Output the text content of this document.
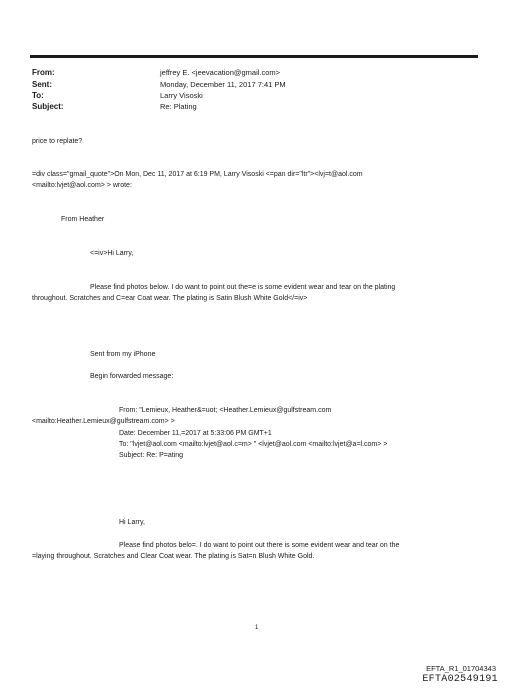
From:	jeffrey E. <jeevacation@gmail.com>
Sent:	Monday, December 11, 2017 7:41 PM
To:	Larry Visoski
Subject:	Re: Plating
price to replate?
=div class="gmail_quote">On Mon, Dec 11, 2017 at 6:19 PM, Larry Visoski <=pan dir="ltr"><lvj=t@aol.com
<mailto:lvjet@aol.com> > wrote:
From Heather
<=iv>Hi Larry,
Please find photos below. I do want to point out the=e is some evident wear and tear on the plating
throughout. Scratches and C=ear Coat wear. The plating is Satin Blush White Gold</=iv>
Sent from my iPhone
Begin forwarded message:
From: "Lemieux, Heather&=uot; <Heather.Lemieux@gulfstream.com
<mailto:Heather.Lemieux@gulfstream.com> >
Date: December 11,=2017 at 5:33:06 PM GMT+1
To: "lvjet@aol.com <mailto:lvjet@aol.c=m> " <lvjet@aol.com <mailto:lvjet@a=l.com> >
Subject: Re: P=ating
Hi Larry,
Please find photos belo=. I do want to point out there is some evident wear and tear on the
=laying throughout. Scratches and Clear Coat wear. The plating is Sat=n Blush White Gold.
1
EFTA_R1_01704343
EFTA02549191
